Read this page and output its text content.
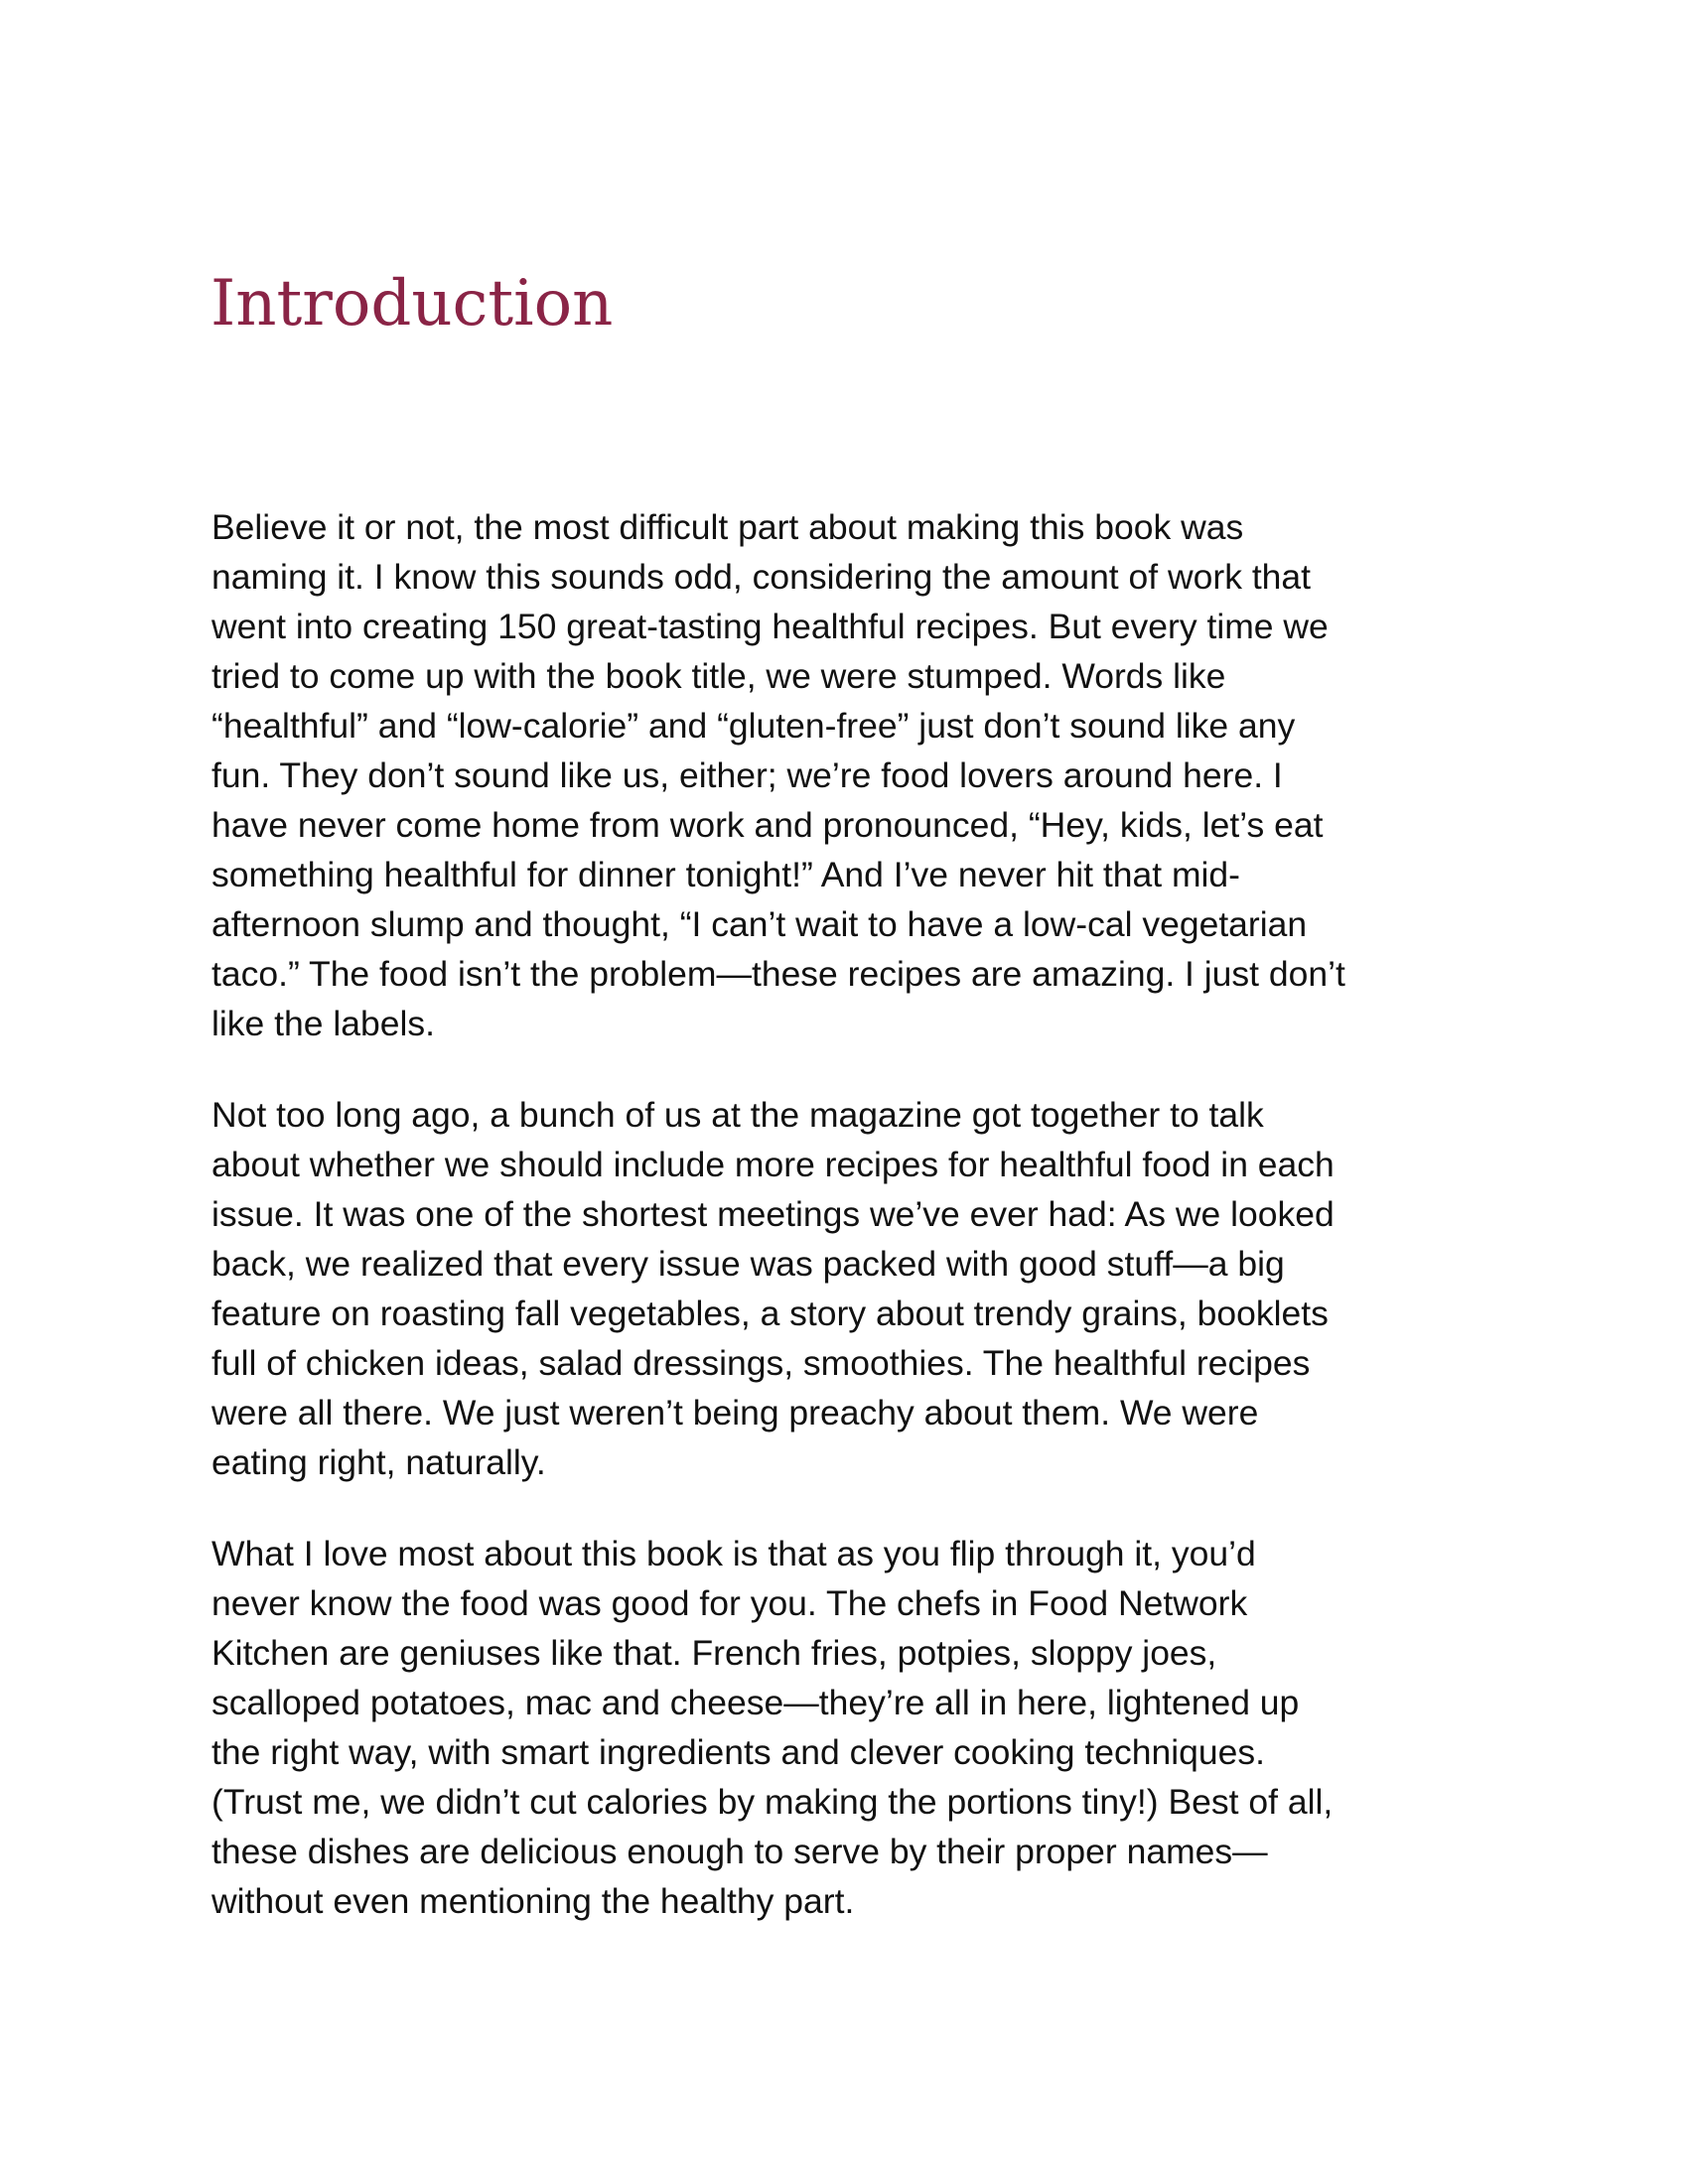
Introduction

Believe it or not, the most difficult part about making this book was
naming it. I know this sounds odd, considering the amount of work that
went into creating 150 great-tasting healthful recipes. But every time we
tried to come up with the book title, we were stumped. Words like
“healthful” and “low-calorie” and “gluten-free” just don’t sound like any
fun. They don’t sound like us, either; we’re food lovers around here. I
have never come home from work and pronounced, “Hey, kids, let’s eat
something healthful for dinner tonight!” And I’ve never hit that mid-
afternoon slump and thought, “I can’t wait to have a low-cal vegetarian
taco.” The food isn’t the problem—these recipes are amazing. I just don’t
like the labels.

Not too long ago, a bunch of us at the magazine got together to talk
about whether we should include more recipes for healthful food in each
issue. It was one of the shortest meetings we’ve ever had: As we looked
back, we realized that every issue was packed with good stuff—a big
feature on roasting fall vegetables, a story about trendy grains, booklets
full of chicken ideas, salad dressings, smoothies. The healthful recipes
were all there. We just weren’t being preachy about them. We were
eating right, naturally.

What I love most about this book is that as you flip through it, you’d
never know the food was good for you. The chefs in Food Network
Kitchen are geniuses like that. French fries, potpies, sloppy joes,
scalloped potatoes, mac and cheese—they’re all in here, lightened up
the right way, with smart ingredients and clever cooking techniques.
(Trust me, we didn’t cut calories by making the portions tiny!) Best of all,
these dishes are delicious enough to serve by their proper names—
without even mentioning the healthy part.
